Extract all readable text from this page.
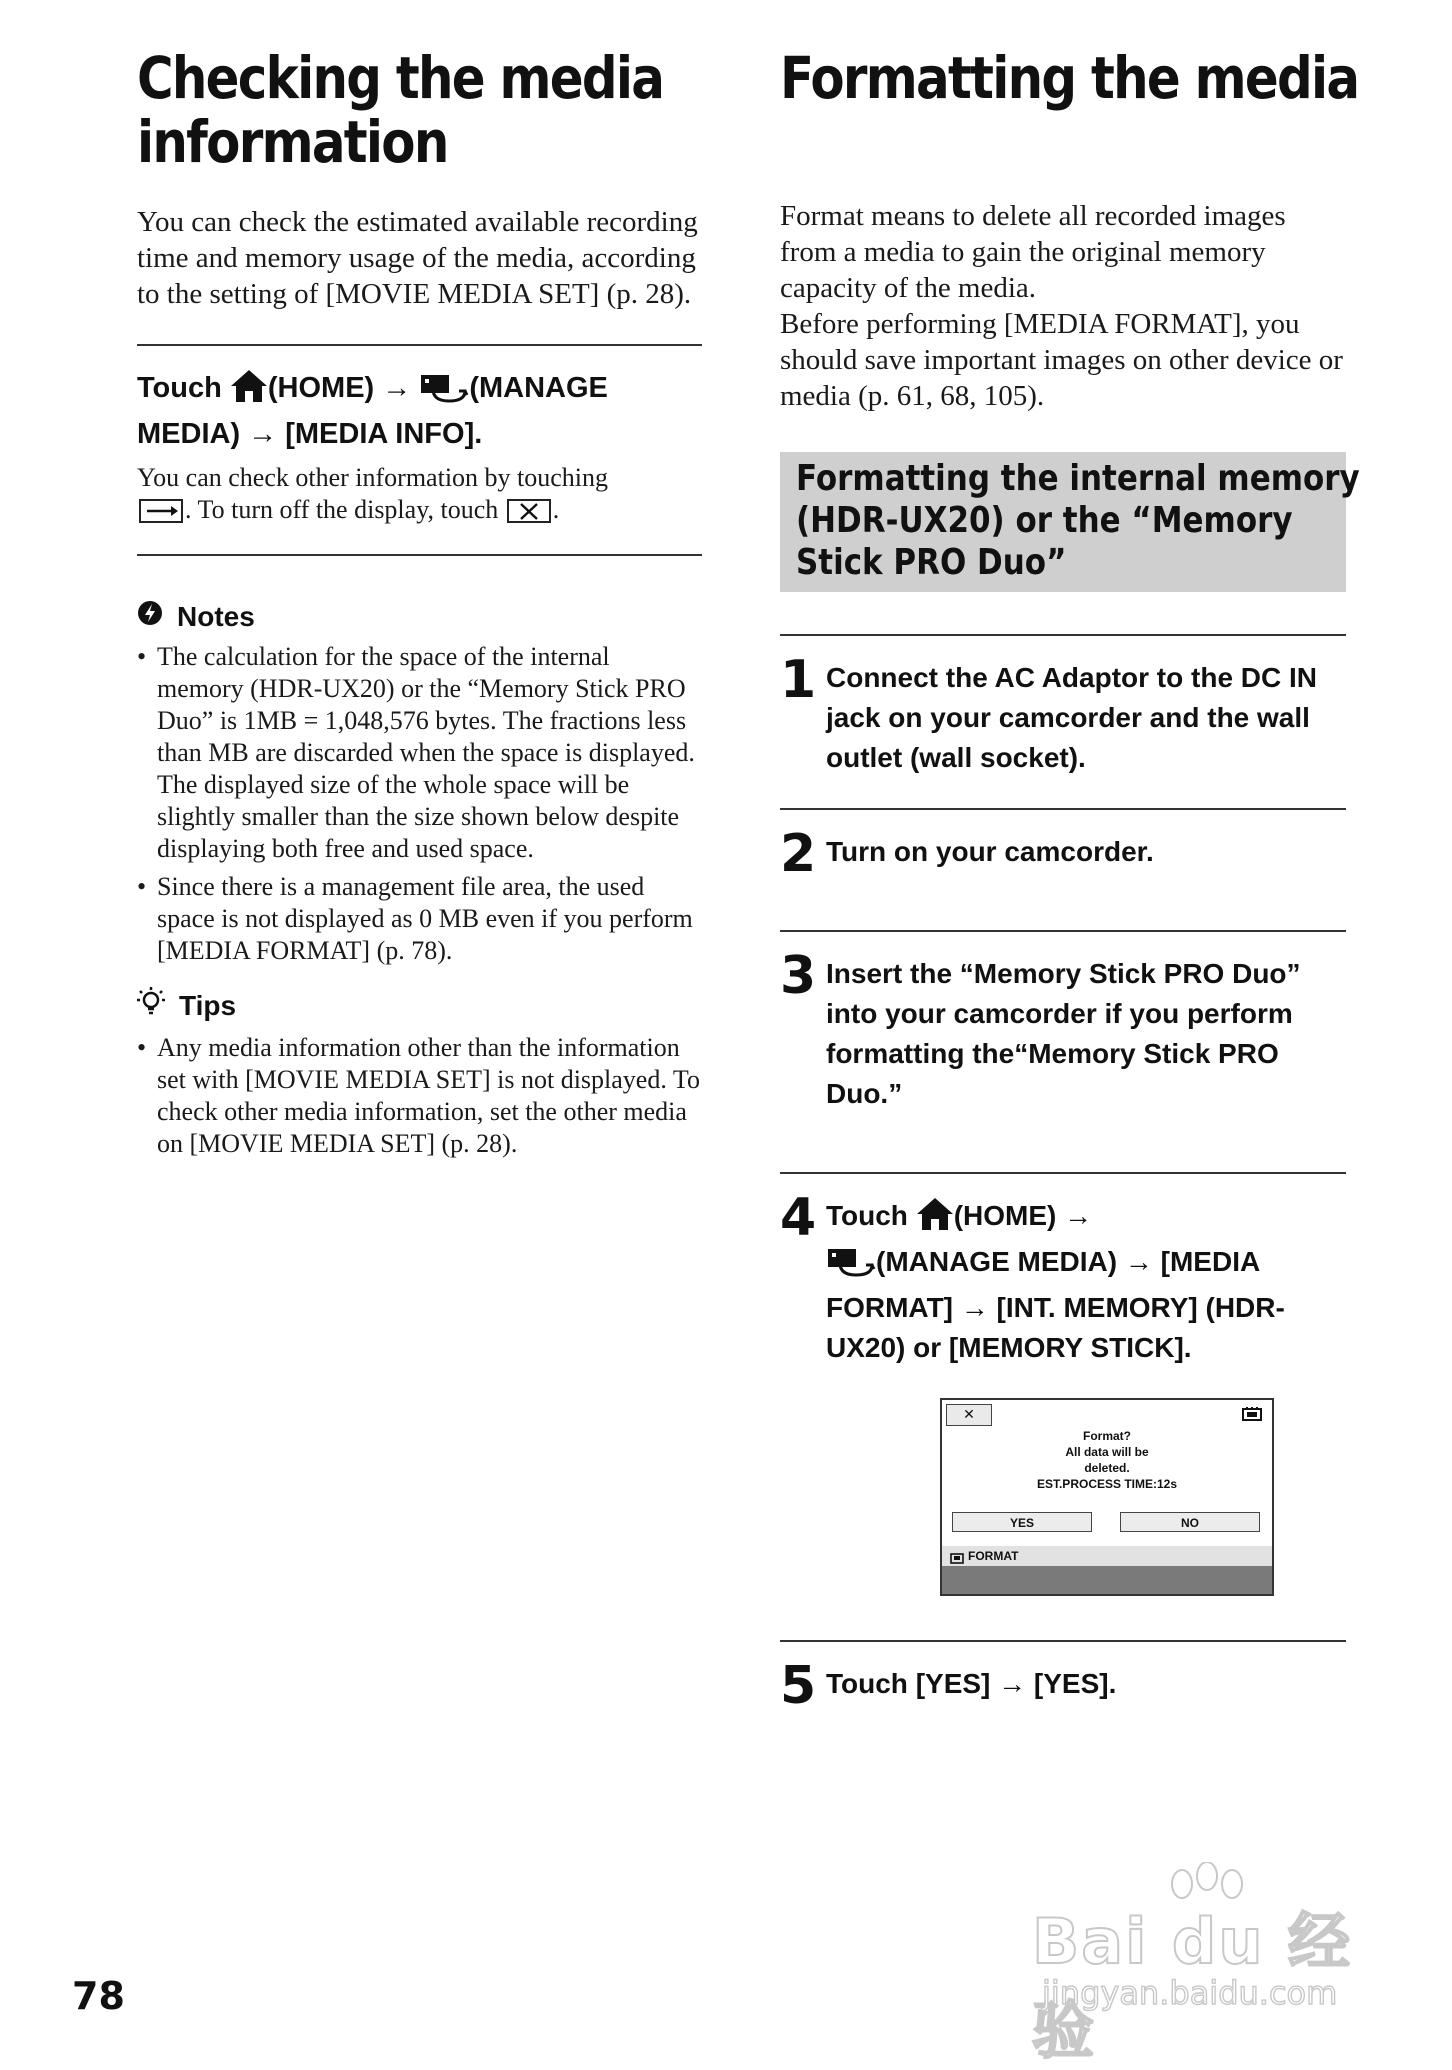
Checking the media
information
You can check the estimated available recording time and memory usage of the media, according to the setting of [MOVIE MEDIA SET] (p. 28).
Touch (HOME) → (MANAGE MEDIA) → [MEDIA INFO].
You can check other information by touching

. To turn off the display, touch .
Notes
• The calculation for the space of the internal memory (HDR-UX20) or the “Memory Stick PRO Duo” is 1MB = 1,048,576 bytes. The fractions less than MB are discarded when the space is displayed. The displayed size of the whole space will be slightly smaller than the size shown below despite displaying both free and used space.
• Since there is a management file area, the used space is not displayed as 0 MB even if you perform [MEDIA FORMAT] (p. 78).
Tips
• Any media information other than the information set with [MOVIE MEDIA SET] is not displayed. To check other media information, set the other media on [MOVIE MEDIA SET] (p. 28).
Formatting the media
Format means to delete all recorded images from a media to gain the original memory capacity of the media.
Before performing [MEDIA FORMAT], you should save important images on other device or media (p. 61, 68, 105).
Formatting the internal memory
(HDR-UX20) or the “Memory
Stick PRO Duo”
1 Connect the AC Adaptor to the DC IN jack on your camcorder and the wall outlet (wall socket).
2 Turn on your camcorder.
3 Insert the “Memory Stick PRO Duo” into your camcorder if you perform formatting the“Memory Stick PRO Duo.”
4 Touch (HOME) →
(MANAGE MEDIA) → [MEDIA FORMAT] → [INT. MEMORY] (HDR-UX20) or [MEMORY STICK].
✕
Format?
All data will be
deleted.
EST.PROCESS TIME:12s
YES	NO
FORMAT
5 Touch [YES] → [YES].
78
Bai du 经验
jingyan.baidu.com
